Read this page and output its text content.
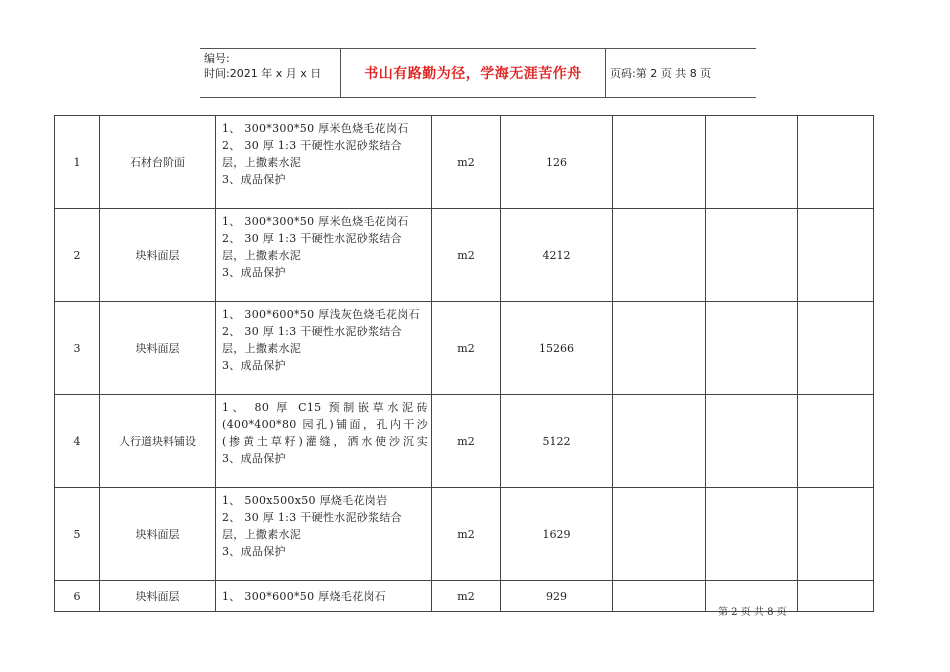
编号:
时间:2021 年 x 月 x 日	书山有路勤为径，学海无涯苦作舟	页码:第 2 页 共 8 页
1	石材台阶面	1、 300*300*50 厚米色烧毛花岗石
2、 30 厚 1:3 干硬性水泥砂浆结合
层，上撒素水泥
3、成品保护	m2	126			
2	块料面层	1、 300*300*50 厚米色烧毛花岗石
2、 30 厚 1:3 干硬性水泥砂浆结合
层，上撒素水泥
3、成品保护	m2	4212			
3	块料面层	1、 300*600*50 厚浅灰色烧毛花岗石
2、 30 厚 1:3 干硬性水泥砂浆结合
层，上撒素水泥
3、成品保护	m2	15266			
4	人行道块料铺设	1、 80 厚 C15 预制嵌草水泥砖
(400*400*80 园孔)铺面，孔内干沙
(掺黄土草籽)灌缝，洒水使沙沉实
3、成品保护	m2	5122			
5	块料面层	1、 500x500x50 厚烧毛花岗岩
2、 30 厚 1:3 干硬性水泥砂浆结合
层，上撒素水泥
3、成品保护	m2	1629			
6	块料面层	1、 300*600*50 厚烧毛花岗石	m2	929			
第 2 页 共 8 页
